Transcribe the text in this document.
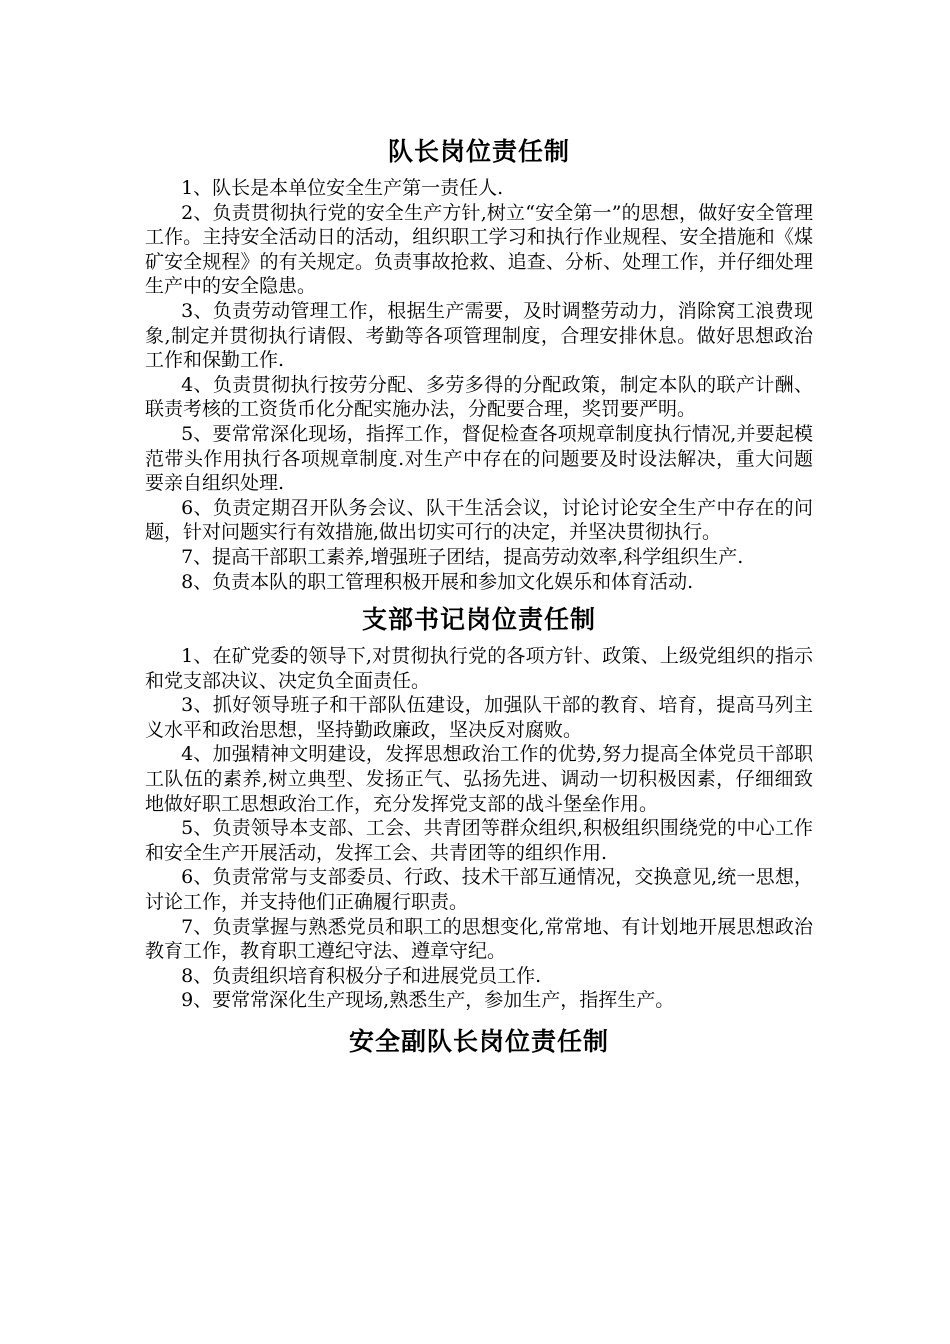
队长岗位责任制

1、队长是本单位安全生产第一责任人.

2、负责贯彻执行党的安全生产方针,树立“安全第一”的思想，做好安全管理工作。主持安全活动日的活动，组织职工学习和执行作业规程、安全措施和《煤矿安全规程》的有关规定。负责事故抢救、追查、分析、处理工作，并仔细处理生产中的安全隐患。

3、负责劳动管理工作，根据生产需要，及时调整劳动力，消除窝工浪费现象,制定并贯彻执行请假、考勤等各项管理制度，合理安排休息。做好思想政治工作和保勤工作.

4、负责贯彻执行按劳分配、多劳多得的分配政策，制定本队的联产计酬、联责考核的工资货币化分配实施办法，分配要合理，奖罚要严明。

5、要常常深化现场，指挥工作，督促检查各项规章制度执行情况,并要起模范带头作用执行各项规章制度.对生产中存在的问题要及时设法解决，重大问题要亲自组织处理.

6、负责定期召开队务会议、队干生活会议，讨论讨论安全生产中存在的问题，针对问题实行有效措施,做出切实可行的决定，并坚决贯彻执行。

7、提高干部职工素养,增强班子团结，提高劳动效率,科学组织生产.

8、负责本队的职工管理积极开展和参加文化娱乐和体育活动.

支部书记岗位责任制

1、在矿党委的领导下,对贯彻执行党的各项方针、政策、上级党组织的指示和党支部决议、决定负全面责任。

3、抓好领导班子和干部队伍建设，加强队干部的教育、培育，提高马列主义水平和政治思想，坚持勤政廉政，坚决反对腐败。

4、加强精神文明建设，发挥思想政治工作的优势,努力提高全体党员干部职工队伍的素养,树立典型、发扬正气、弘扬先进、调动一切积极因素，仔细细致地做好职工思想政治工作，充分发挥党支部的战斗堡垒作用。

5、负责领导本支部、工会、共青团等群众组织,积极组织围绕党的中心工作和安全生产开展活动，发挥工会、共青团等的组织作用.

6、负责常常与支部委员、行政、技术干部互通情况，交换意见,统一思想，讨论工作，并支持他们正确履行职责。

7、负责掌握与熟悉党员和职工的思想变化,常常地、有计划地开展思想政治教育工作，教育职工遵纪守法、遵章守纪。

8、负责组织培育积极分子和进展党员工作.

9、要常常深化生产现场,熟悉生产，参加生产，指挥生产。

安全副队长岗位责任制
